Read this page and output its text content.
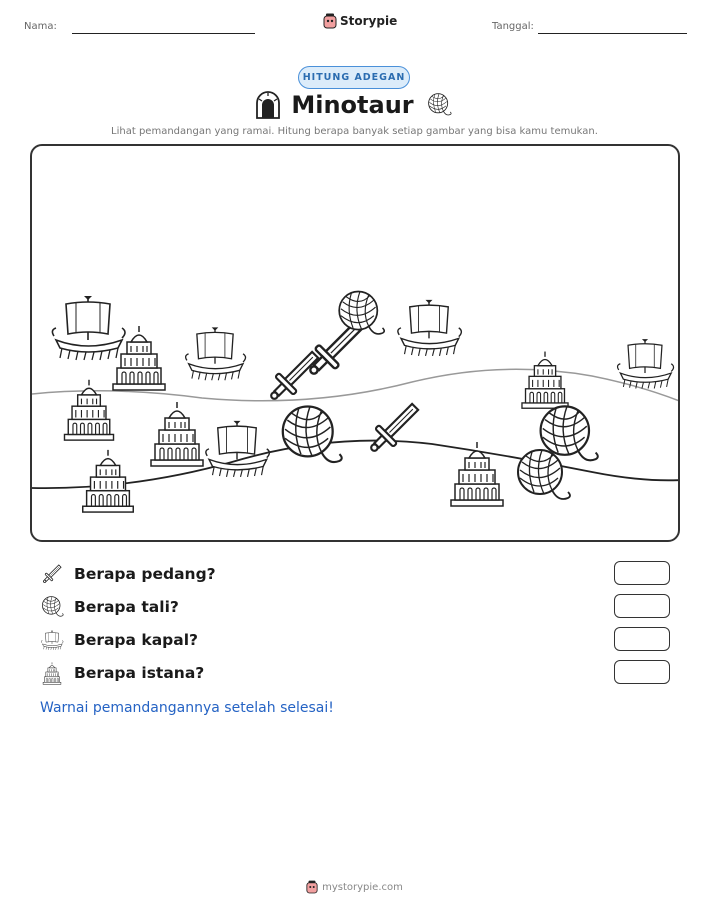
Nama:	Storypie	Tanggal:
HITUNG ADEGAN
Minotaur
Lihat pemandangan yang ramai. Hitung berapa banyak setiap gambar yang bisa kamu temukan.
Berapa pedang?
Berapa tali?
Berapa kapal?
Berapa istana?
Warnai pemandangannya setelah selesai!
mystorypie.com
